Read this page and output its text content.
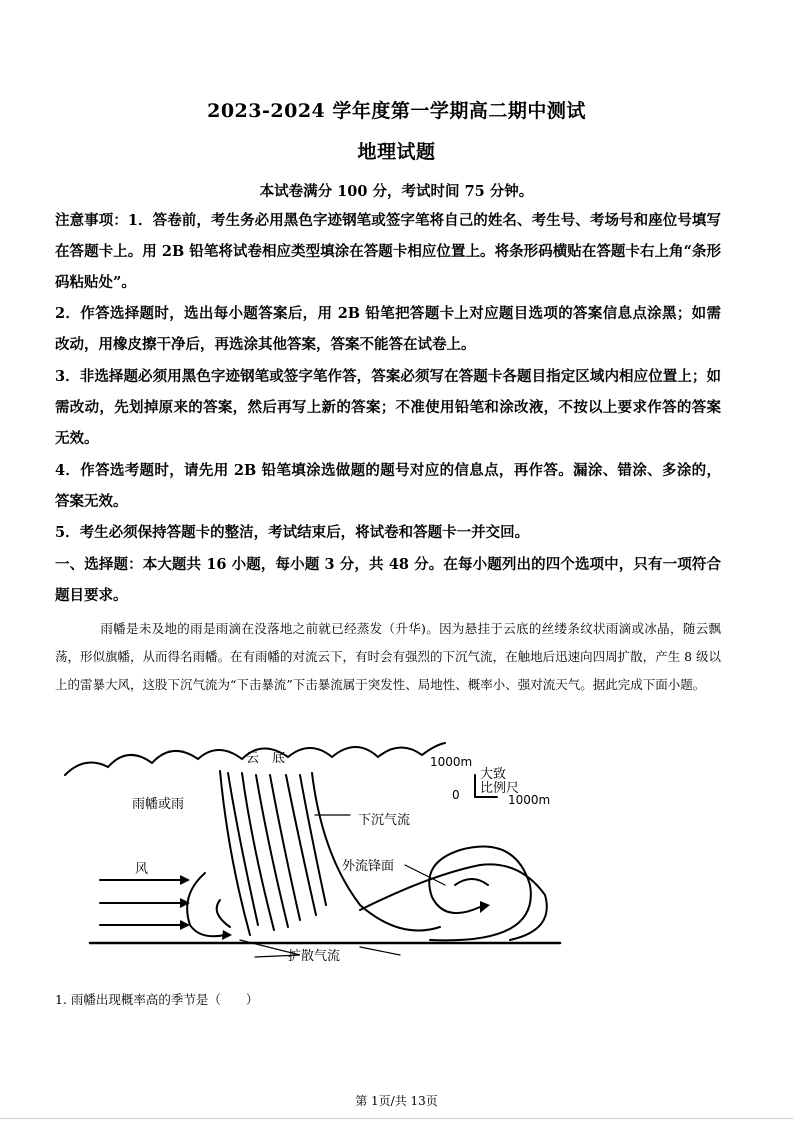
2023-2024 学年度第一学期高二期中测试
地理试题
本试卷满分 100 分，考试时间 75 分钟。
注意事项：1．答卷前，考生务必用黑色字迹钢笔或签字笔将自己的姓名、考生号、考场号和座位号填写在答题卡上。用 2B 铅笔将试卷相应类型填涂在答题卡相应位置上。将条形码横贴在答题卡右上角“条形码粘贴处”。
2．作答选择题时，选出每小题答案后，用 2B 铅笔把答题卡上对应题目选项的答案信息点涂黑；如需改动，用橡皮擦干净后，再选涂其他答案，答案不能答在试卷上。
3．非选择题必须用黑色字迹钢笔或签字笔作答，答案必须写在答题卡各题目指定区域内相应位置上；如需改动，先划掉原来的答案，然后再写上新的答案；不准使用铅笔和涂改液，不按以上要求作答的答案无效。
4．作答选考题时，请先用 2B 铅笔填涂选做题的题号对应的信息点，再作答。漏涂、错涂、多涂的，答案无效。
5．考生必须保持答题卡的整洁，考试结束后，将试卷和答题卡一并交回。
一、选择题：本大题共 16 小题，每小题 3 分，共 48 分。在每小题列出的四个选项中，只有一项符合题目要求。
雨幡是未及地的雨是雨滴在没落地之前就已经蒸发（升华)。因为悬挂于云底的丝缕条纹状雨滴或冰晶，随云飘荡，形似旗幡，从而得名雨幡。在有雨幡的对流云下，有时会有强烈的下沉气流，在触地后迅速向四周扩散，产生 8 级以上的雷暴大风，这股下沉气流为“下击暴流”下击暴流属于突发性、局地性、概率小、强对流天气。据此完成下面小题。
云　底
雨幡或雨
下沉气流
外流锋面
风
扩散气流
1000m
0	1000m
大致
比例尺
1. 雨幡出现概率高的季节是（　　）
第 1页/共 13页
